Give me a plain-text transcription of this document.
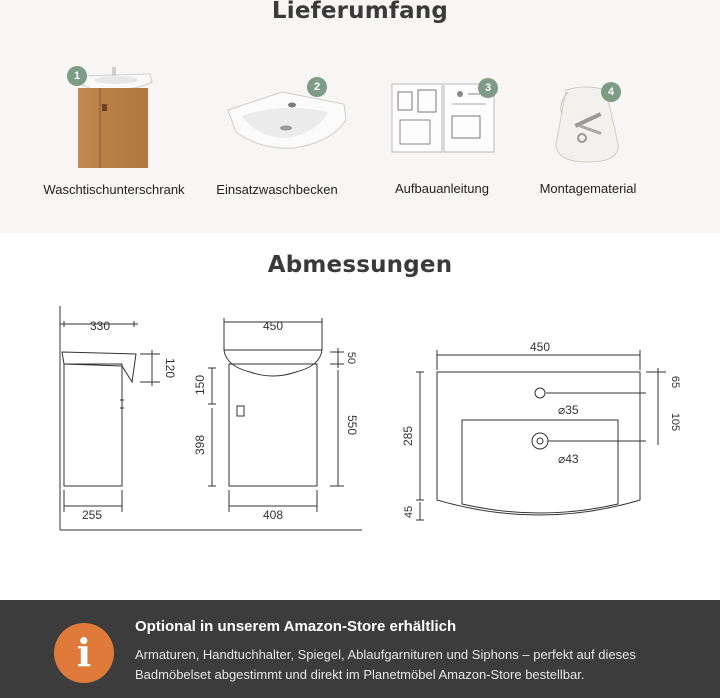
Lieferumfang
1
Waschtischunterschrank
2
Einsatzwaschbecken
3
Aufbauanleitung
4
Montagematerial
Abmessungen
330
120
255
450
50
150
398
550
408
450
65
105
285
45
⌀35
⌀43
i
Optional in unserem Amazon-Store erhältlich
Armaturen, Handtuchhalter, Spiegel, Ablaufgarnituren und Siphons – perfekt auf dieses Badmöbelset abgestimmt und direkt im Planetmöbel Amazon-Store bestellbar.
